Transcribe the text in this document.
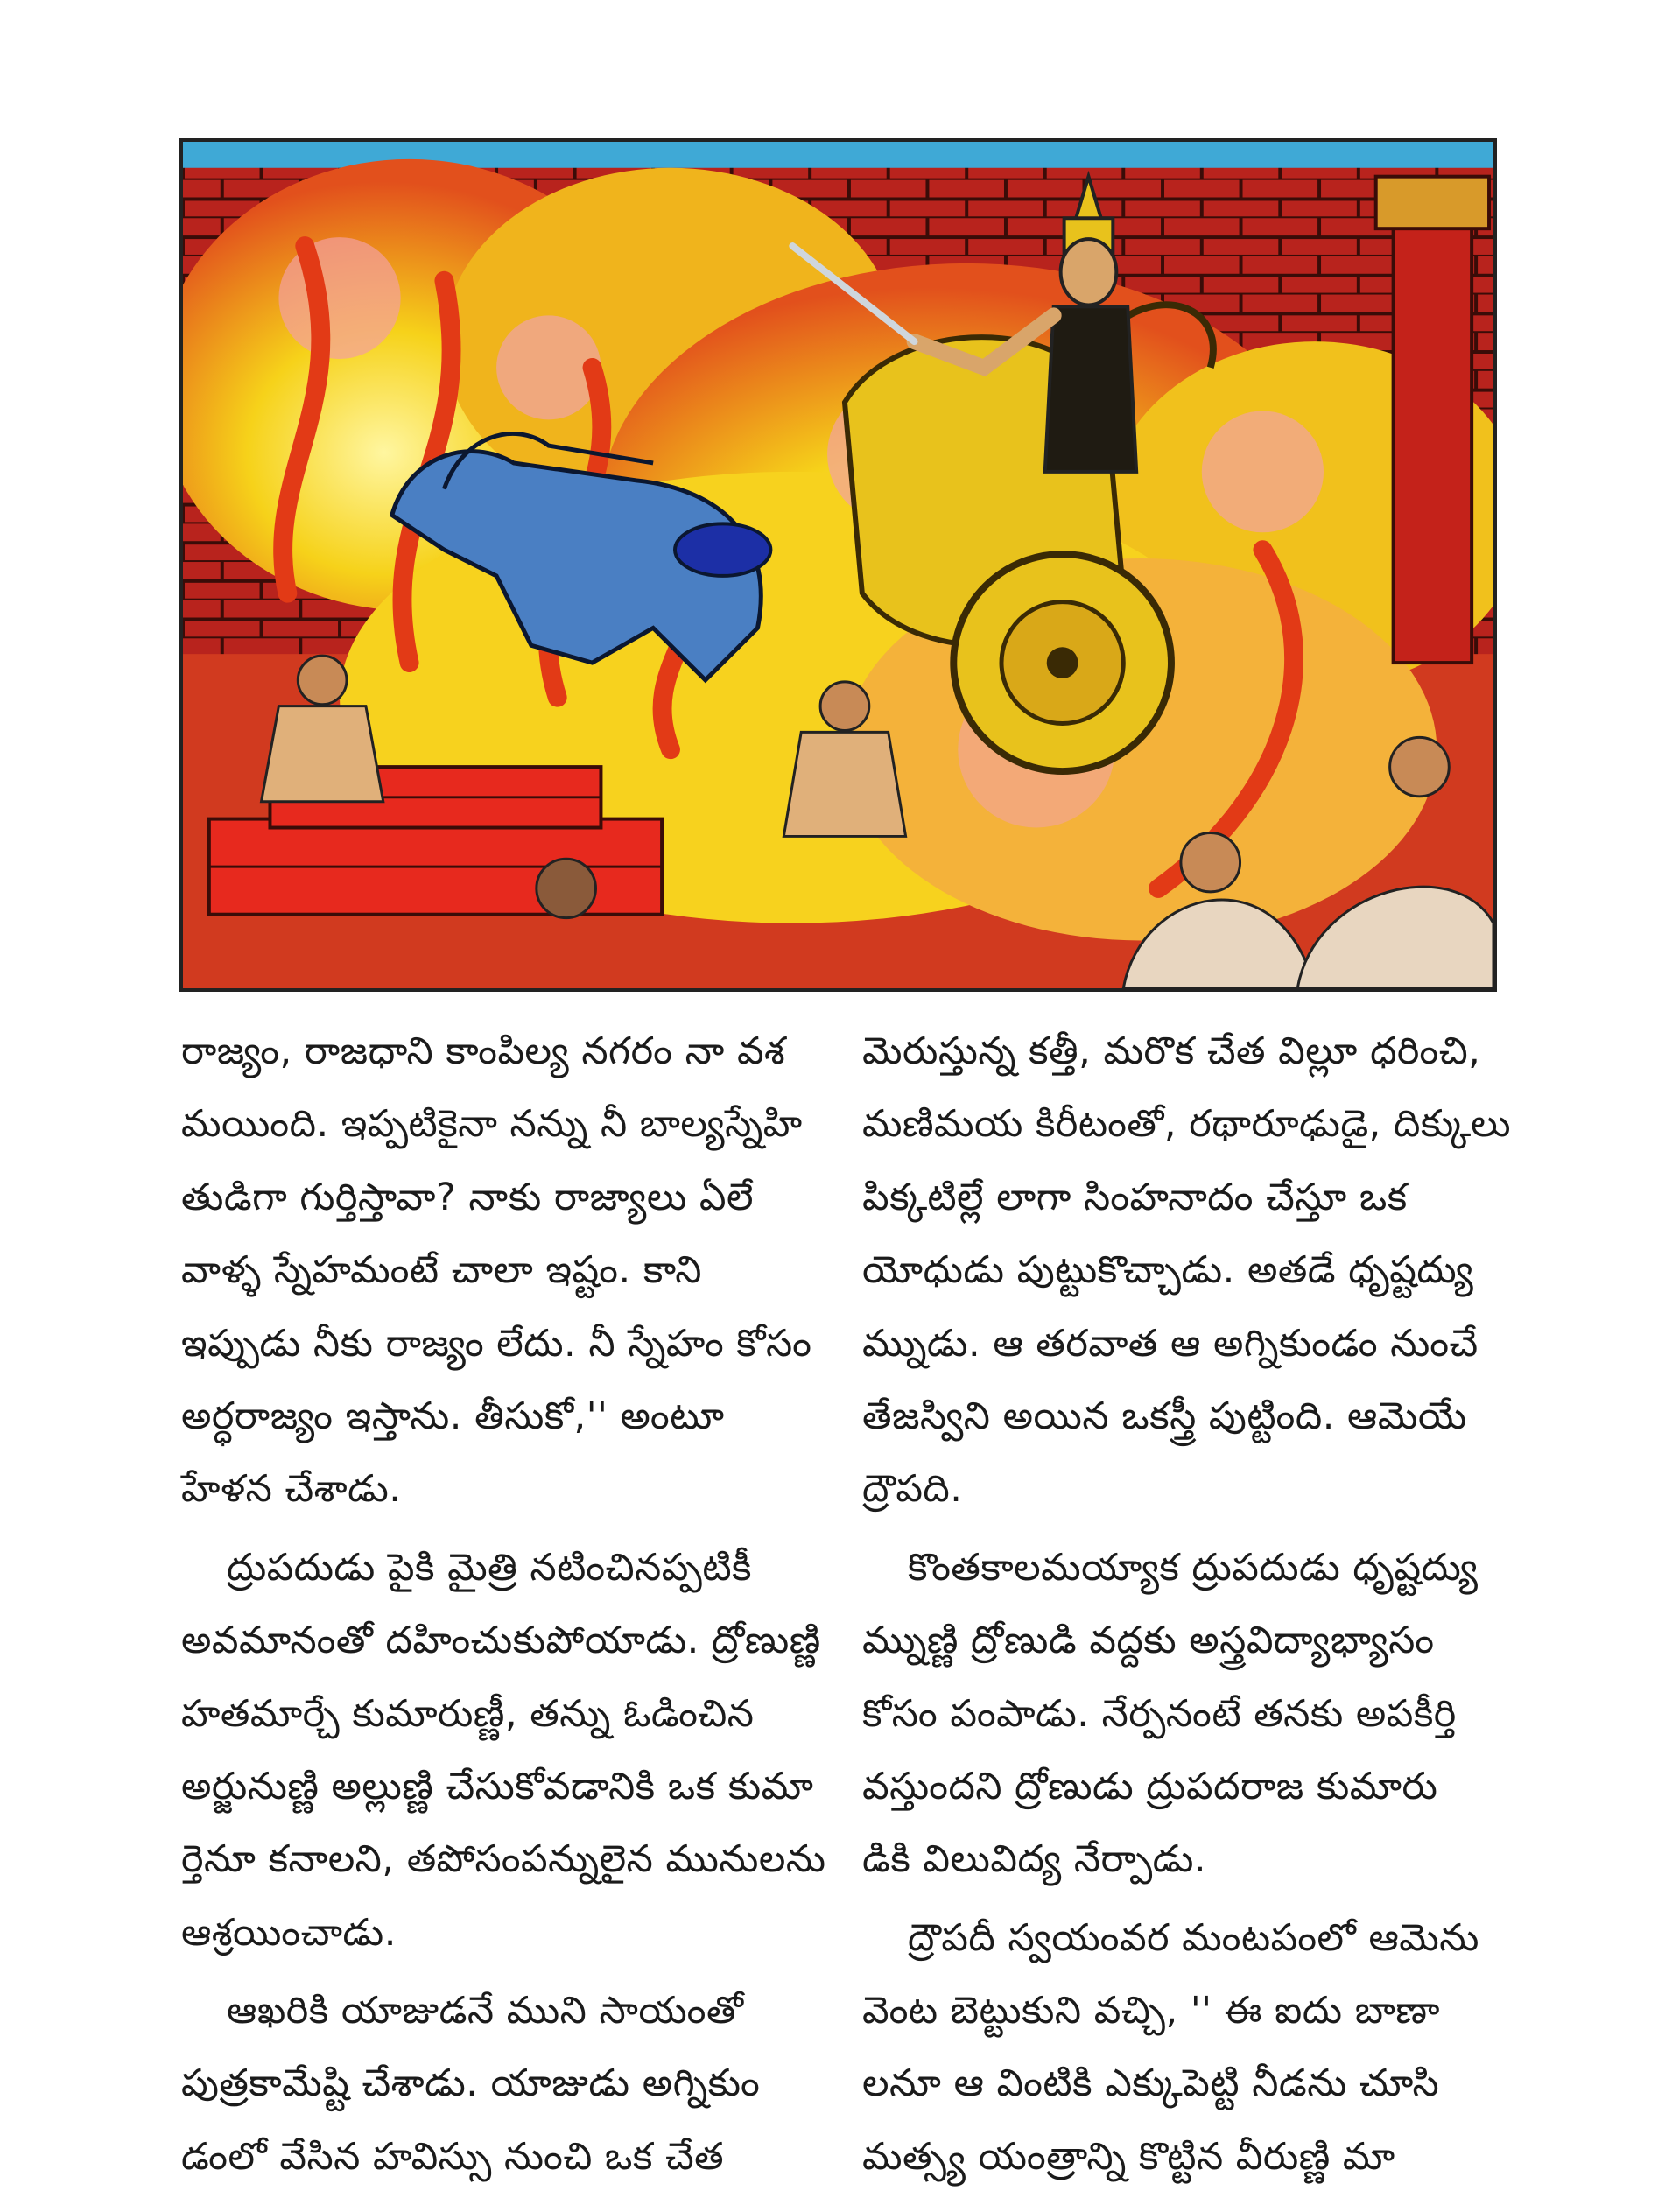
రాజ్యం, రాజధాని కాంపిల్య నగరం నా వశ
మయింది. ఇప్పటికైనా నన్ను నీ బాల్యస్నేహి
తుడిగా గుర్తిస్తావా? నాకు రాజ్యాలు ఏలే
వాళ్ళ స్నేహమంటే చాలా ఇష్టం. కాని
ఇప్పుడు నీకు రాజ్యం లేదు. నీ స్నేహం కోసం
అర్ధరాజ్యం ఇస్తాను. తీసుకో,'' అంటూ
హేళన చేశాడు.

ద్రుపదుడు పైకి మైత్రి నటించినప్పటికీ
అవమానంతో దహించుకుపోయాడు. ద్రోణుణ్ణి
హతమార్చే కుమారుణ్ణీ, తన్ను ఓడించిన
అర్జునుణ్ణి అల్లుణ్ణి చేసుకోవడానికి ఒక కుమా
ర్తెనూ కనాలని, తపోసంపన్నులైన మునులను
ఆశ్రయించాడు.

ఆఖరికి యాజుడనే ముని సాయంతో
పుత్రకామేష్టి చేశాడు. యాజుడు అగ్నికుం
డంలో వేసిన హవిస్సు నుంచి ఒక చేత

మెరుస్తున్న కత్తీ, మరొక చేత విల్లూ ధరించి,
మణిమయ కిరీటంతో, రథారూఢుడై, దిక్కులు
పిక్కటిల్లే లాగా సింహనాదం చేస్తూ ఒక
యోధుడు పుట్టుకొచ్చాడు. అతడే ధృష్టద్యు
మ్నుడు. ఆ తరవాత ఆ అగ్నికుండం నుంచే
తేజస్విని అయిన ఒకస్త్రీ పుట్టింది. ఆమెయే
ద్రౌపది.

కొంతకాలమయ్యాక ద్రుపదుడు ధృష్టద్యు
మ్నుణ్ణి ద్రోణుడి వద్దకు అస్త్రవిద్యాభ్యాసం
కోసం పంపాడు. నేర్పనంటే తనకు అపకీర్తి
వస్తుందని ద్రోణుడు ద్రుపదరాజ కుమారు
డికి విలువిద్య నేర్పాడు.

ద్రౌపదీ స్వయంవర మంటపంలో ఆమెను
వెంట బెట్టుకుని వచ్చి, '' ఈ ఐదు బాణా
లనూ ఆ వింటికి ఎక్కుపెట్టి నీడను చూసి
మత్స్య యంత్రాన్ని కొట్టిన వీరుణ్ణి మా
